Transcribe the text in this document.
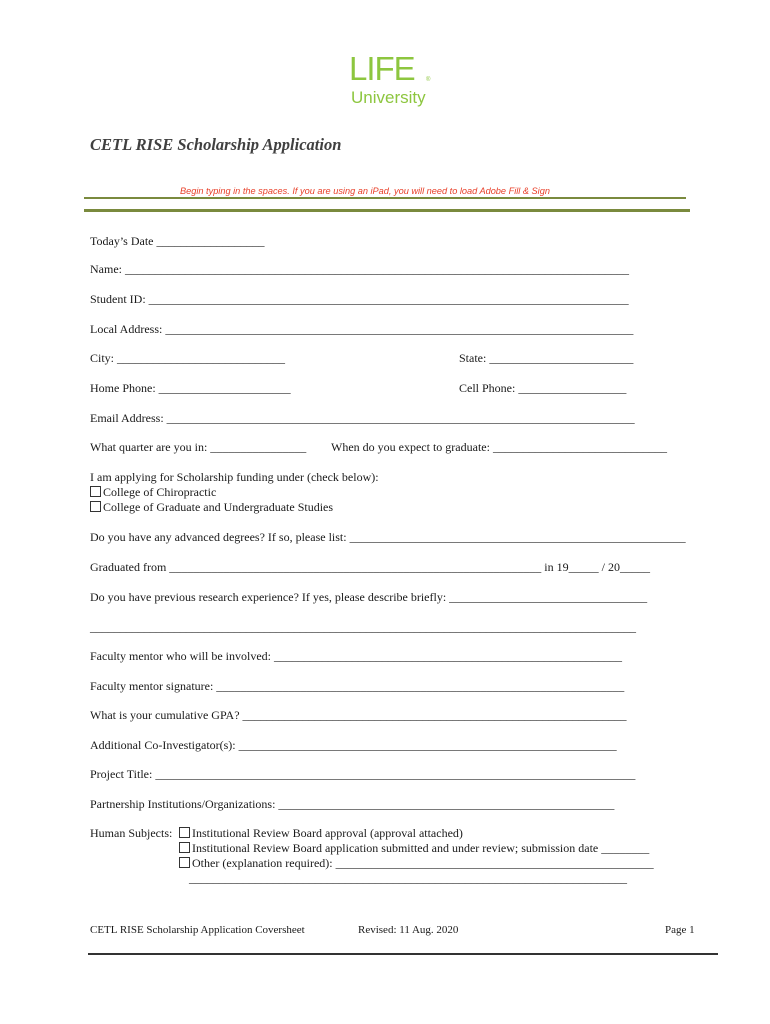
LIFE ®
University
CETL RISE Scholarship Application
Begin typing in the spaces. If you are using an iPad, you will need to load Adobe Fill & Sign
Today’s Date __________________
Name: ____________________________________________________________________________________
Student ID: ________________________________________________________________________________
Local Address: ______________________________________________________________________________
City: ____________________________	State: ________________________
Home Phone: ______________________	Cell Phone: __________________
Email Address: ______________________________________________________________________________
What quarter are you in: ________________ When do you expect to graduate: _____________________________
I am applying for Scholarship funding under (check below):
College of Chiropractic
College of Graduate and Undergraduate Studies
Do you have any advanced degrees? If so, please list: ________________________________________________________
Graduated from ______________________________________________________________ in 19_____ / 20_____
Do you have previous research experience? If yes, please describe briefly: _________________________________
___________________________________________________________________________________________
Faculty mentor who will be involved: __________________________________________________________
Faculty mentor signature: ____________________________________________________________________
What is your cumulative GPA? ________________________________________________________________
Additional Co-Investigator(s): _______________________________________________________________
Project Title: ________________________________________________________________________________
Partnership Institutions/Organizations: ________________________________________________________
Human Subjects:	Institutional Review Board approval (approval attached)
Institutional Review Board application submitted and under review; submission date ________
Other (explanation required): _____________________________________________________
_________________________________________________________________________
CETL RISE Scholarship Application Coversheet	Revised: 11 Aug. 2020	Page 1
